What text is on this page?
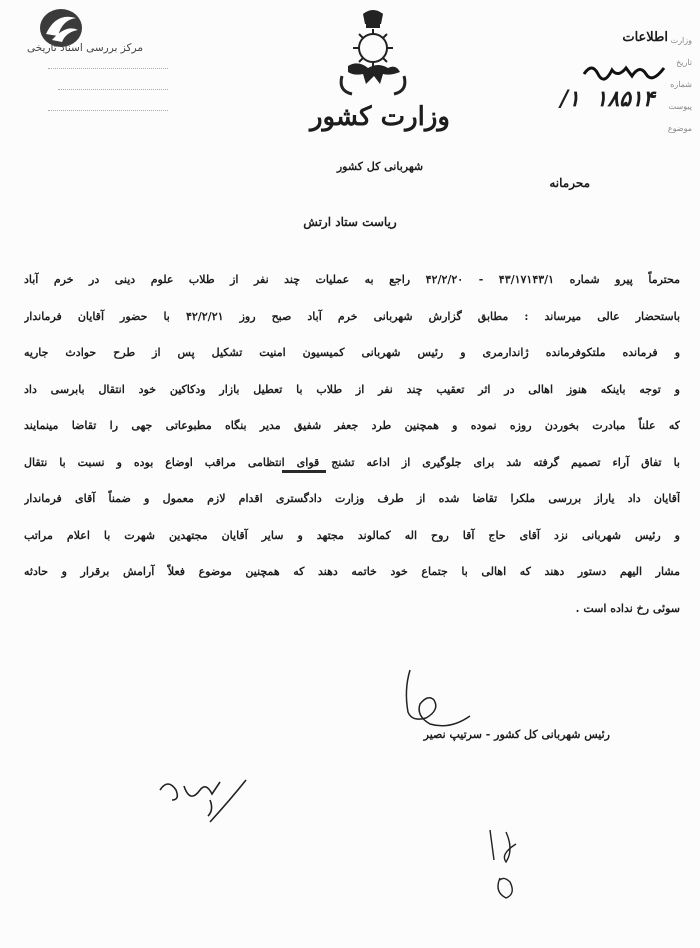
مرکز بررسی اسناد تاریخی
وزارت کشور
شهربانی کل کشور
وزارت
تاریخ
شماره
پیوست
موضوع
اطلاعات
/۱ ۱۸۵۱۴
محرمانه
ریاست ستاد ارتش
محترماً پیرو شماره ۴۳/۱۷۱۴۳/۱ - ۴۲/۲/۲۰ راجع به عملیات چند نفر از طلاب علوم دینی در خرم آباد
باستحضار عالی میرساند : مطابق گزارش شهربانی خرم آباد صبح روز ۴۲/۲/۲۱ با حضور آقایان فرماندار
و فرمانده ملتکوفرمانده ژاندارمری و رئیس شهربانی کمیسیون امنیت تشکیل پس از طرح حوادث جاریه
و توجه باینکه هنوز اهالی در اثر تعقیب چند نفر از طلاب با تعطیل بازار ودکاکین خود انتقال بابرسی داد
که علناً مبادرت بخوردن روزه نموده و همچنین طرد جعفر شفیق مدیر بنگاه مطبوعاتی جهی را تقاضا مینمایند
با تفاق آراء تصمیم گرفته شد برای جلوگیری از اداعه تشنج قوای انتظامی مراقب اوضاع بوده و نسبت با نتقال
آقایان داد یاراز بررسی ملکرا تقاضا شده از طرف وزارت دادگستری اقدام لازم معمول و ضمناً آقای فرماندار
و رئیس شهربانی نزد آقای حاج آقا روح اله کمالوند مجتهد و سایر آقایان مجتهدین شهرت با اعلام مراتب
مشار الیهم دستور دهند که اهالی با جتماع خود خاتمه دهند که همچنین موضوع فعلاً آرامش برقرار و حادثه
سوئی رخ نداده است .
رئیس شهربانی کل کشور - سرتیپ نصیر
